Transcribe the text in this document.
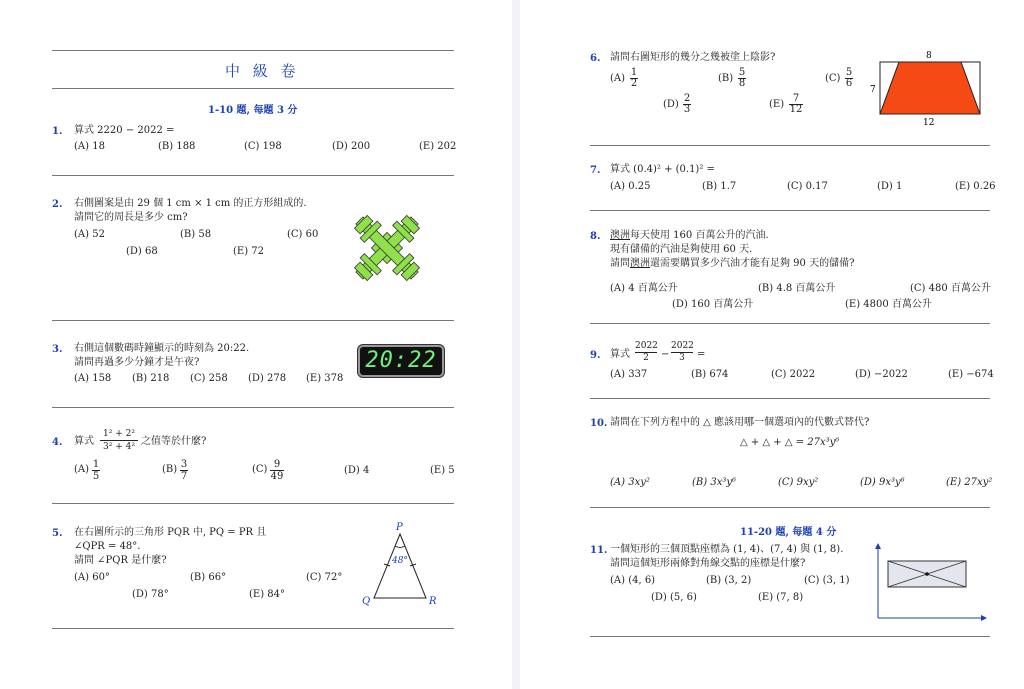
中 級 卷
1-10 題, 每題 3 分
1. 算式 2220 − 2022 =
(A) 18	(B) 188	(C) 198	(D) 200	(E) 202
2. 右側圖案是由 29 個 1 cm × 1 cm 的正方形組成的.
請問它的周長是多少 cm?
(A) 52	(B) 58	(C) 60
(D) 68	(E) 72
3. 右側這個數碼時鐘顯示的時刻為 20:22.
請問再過多少分鐘才是午夜?
(A) 158 (B) 218 (C) 258 (D) 278 (E) 378
20:22
4. 算式 $\frac{\text{1² + 2²}}{\text{3² + 4²}}$ 之值等於什麼?
$(A) \frac{1}{5}$	$(B) \frac{3}{7}$	$(C) \frac{9}{49}$	(D) 4	(E) 5
5. 在右圖所示的三角形 PQR 中, PQ = PR 且
∠QPR = 48°.
請問 ∠PQR 是什麼?
(A) 60°	(B) 66°	(C) 72°
(D) 78°	(E) 84°
48°
P
Q	R
6. 請問右圖矩形的幾分之幾被塗上陰影?
$(A) \frac{1}{2}$	$(B) \frac{5}{8}$	$(C) \frac{5}{6}$
$(D) \frac{2}{3}$	$(E) \frac{7}{12}$
8
7
12
7. 算式 (0.4)² + (0.1)² =
(A) 0.25	(B) 1.7	(C) 0.17	(D) 1	(E) 0.26
8. 澳洲每天使用 160 百萬公升的汽油.
現有儲備的汽油是夠使用 60 天.
請問澳洲還需要購買多少汽油才能有足夠 90 天的儲備?
(A) 4 百萬公升	(B) 4.8 百萬公升	(C) 480 百萬公升
(D) 160 百萬公升	(E) 4800 百萬公升
9. 算式 $\frac{2022}{2} - \frac{2022}{3}$ =
(A) 337	(B) 674	(C) 2022	(D) −2022	(E) −674
10. 請問在下列方程中的 △ 應該用哪一個選項內的代數式替代?
△ + △ + △ = 27x³y⁶
(A) 3xy²	(B) 3x³y⁶	(C) 9xy²	(D) 9x³y⁶	(E) 27xy²
11-20 題, 每題 4 分
11. 一個矩形的三個頂點座標為 (1, 4)、(7, 4) 與 (1, 8).
請問這個矩形兩條對角線交點的座標是什麼?
(A) (4, 6)	(B) (3, 2)	(C) (3, 1)
(D) (5, 6)	(E) (7, 8)
